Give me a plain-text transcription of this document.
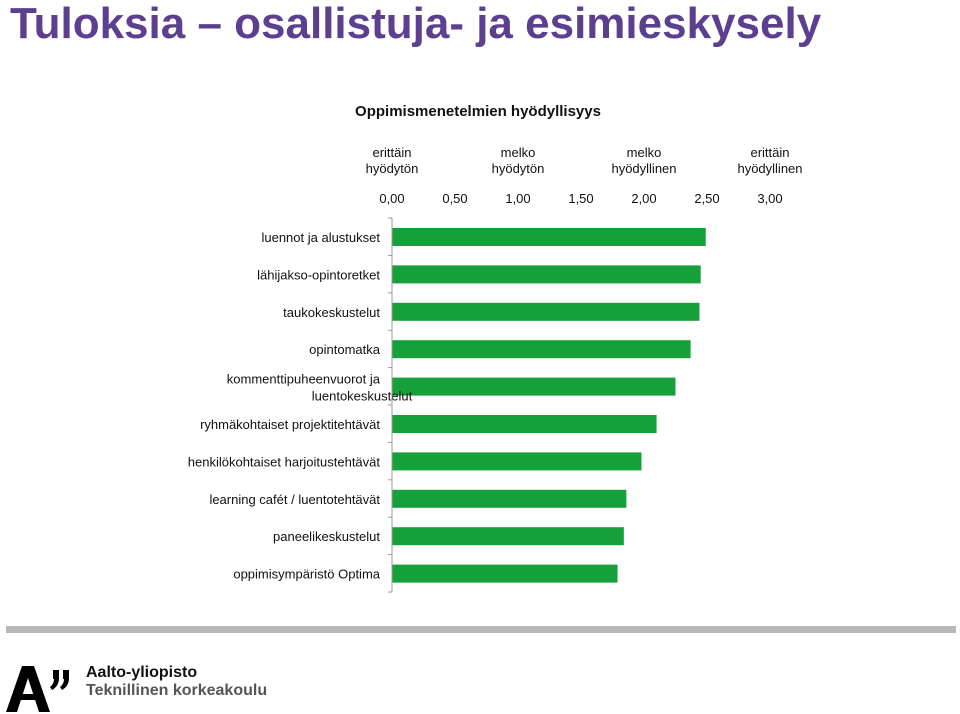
Tuloksia – osallistuja- ja esimieskysely
Oppimismenetelmien hyödyllisyys
erittäin hyödytön
melko hyödytön
melko hyödyllinen
erittäin hyödyllinen
0,00	0,50	1,00	1,50	2,00	2,50	3,00
luennot ja alustukset
lähijakso-opintoretket
taukokeskustelut
opintomatka
kommenttipuheenvuorot ja luentokeskustelut
ryhmäkohtaiset projektitehtävät
henkilökohtaiset harjoitustehtävät
learning cafét / luentotehtävät
paneelikeskustelut
oppimisympäristö Optima
Aalto-yliopisto
Teknillinen korkeakoulu
